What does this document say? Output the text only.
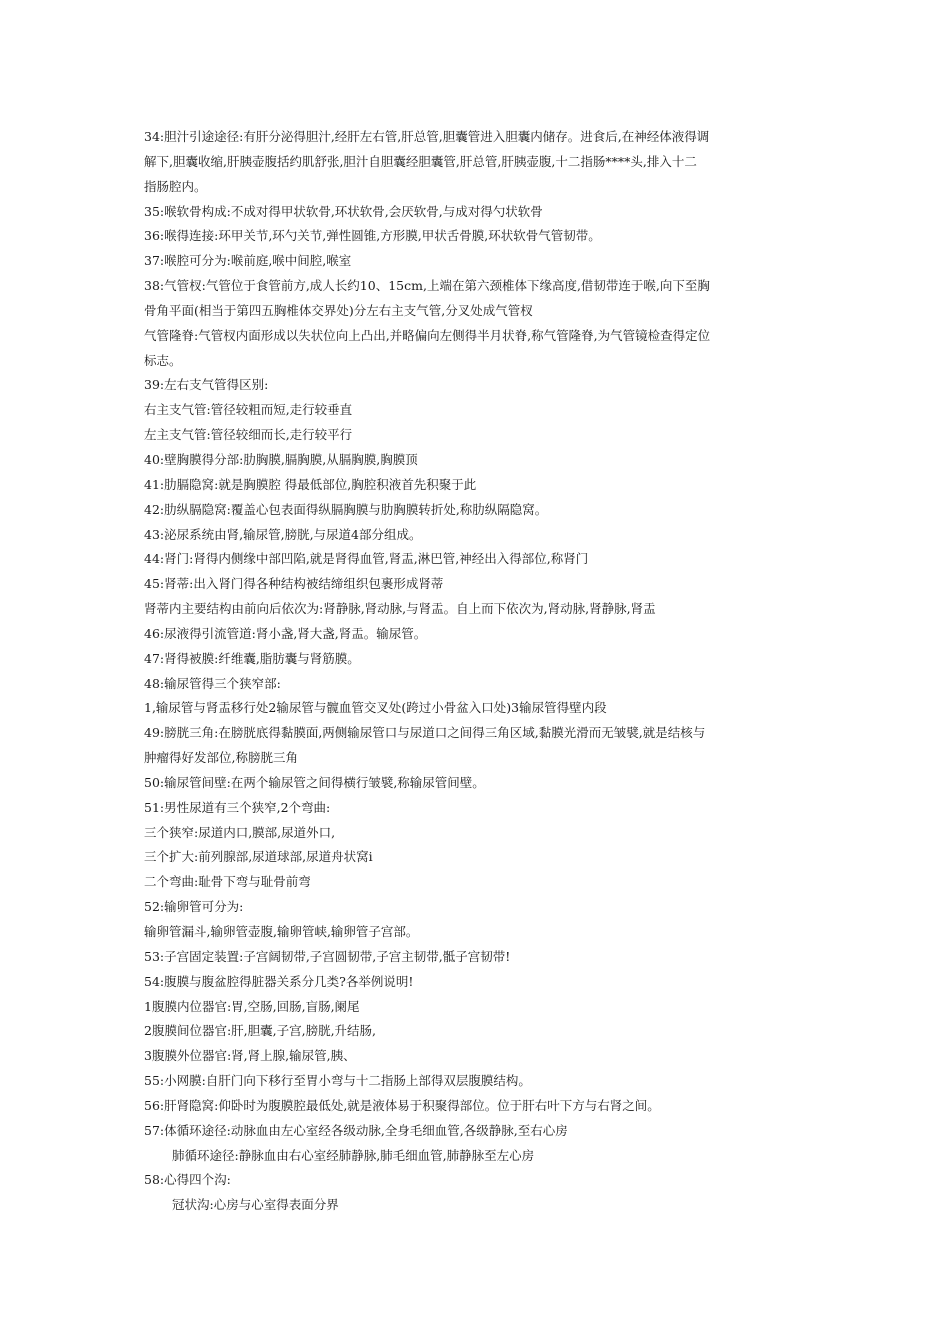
34:胆汁引途途径:有肝分泌得胆汁,经肝左右管,肝总管,胆囊管进入胆囊内储存。进食后,在神经体液得调
解下,胆囊收缩,肝胰壶腹括约肌舒张,胆汁自胆囊经胆囊管,肝总管,肝胰壶腹,十二指肠****头,排入十二
指肠腔内。
35:喉软骨构成:不成对得甲状软骨,环状软骨,会厌软骨,与成对得勺状软骨
36:喉得连接:环甲关节,环勺关节,弹性圆锥,方形膜,甲状舌骨膜,环状软骨气管韧带。
37:喉腔可分为:喉前庭,喉中间腔,喉室
38:气管杈:气管位于食管前方,成人长约10、15cm,上端在第六颈椎体下缘高度,借韧带连于喉,向下至胸
骨角平面(相当于第四五胸椎体交界处)分左右主支气管,分叉处成气管杈
气管隆脊:气管杈内面形成以失状位向上凸出,并略偏向左侧得半月状脊,称气管隆脊,为气管镜检查得定位
标志。
39:左右支气管得区别:
右主支气管:管径较粗而短,走行较垂直
左主支气管:管径较细而长,走行较平行
40:壁胸膜得分部:肋胸膜,膈胸膜,从膈胸膜,胸膜顶
41:肋膈隐窝:就是胸膜腔 得最低部位,胸腔积液首先积聚于此
42:肋纵膈隐窝:覆盖心包表面得纵膈胸膜与肋胸膜转折处,称肋纵隔隐窝。
43:泌尿系统由肾,输尿管,膀胱,与尿道4部分组成。
44:肾门:肾得内侧缘中部凹陷,就是肾得血管,肾盂,淋巴管,神经出入得部位,称肾门
45:肾蒂:出入肾门得各种结构被结缔组织包裹形成肾蒂
肾蒂内主要结构由前向后依次为:肾静脉,肾动脉,与肾盂。自上而下依次为,肾动脉,肾静脉,肾盂
46:尿液得引流管道:肾小盏,肾大盏,肾盂。输尿管。
47:肾得被膜:纤维囊,脂肪囊与肾筋膜。
48:输尿管得三个狭窄部:
1,输尿管与肾盂移行处2输尿管与髋血管交叉处(跨过小骨盆入口处)3输尿管得壁内段
49:膀胱三角:在膀胱底得黏膜面,两侧输尿管口与尿道口之间得三角区域,黏膜光滑而无皱襞,就是结核与
肿瘤得好发部位,称膀胱三角
50:输尿管间壁:在两个输尿管之间得横行皱襞,称输尿管间壁。
51:男性尿道有三个狭窄,2个弯曲:
三个狭窄:尿道内口,膜部,尿道外口,
三个扩大:前列腺部,尿道球部,尿道舟状窝i
二个弯曲:耻骨下弯与耻骨前弯
52:输卵管可分为:
输卵管漏斗,输卵管壶腹,输卵管峡,输卵管子宫部。
53:子宫固定装置:子宫阔韧带,子宫圆韧带,子宫主韧带,骶子宫韧带!
54:腹膜与腹盆腔得脏器关系分几类?各举例说明!
1腹膜内位器官:胃,空肠,回肠,盲肠,阑尾
2腹膜间位器官:肝,胆囊,子宫,膀胱,升结肠,
3腹膜外位器官:肾,肾上腺,输尿管,胰、
55:小网膜:自肝门向下移行至胃小弯与十二指肠上部得双层腹膜结构。
56:肝肾隐窝:仰卧时为腹膜腔最低处,就是液体易于积聚得部位。位于肝右叶下方与右肾之间。
57:体循环途径:动脉血由左心室经各级动脉,全身毛细血管,各级静脉,至右心房
肺循环途径:静脉血由右心室经肺静脉,肺毛细血管,肺静脉至左心房
58:心得四个沟:
冠状沟:心房与心室得表面分界
